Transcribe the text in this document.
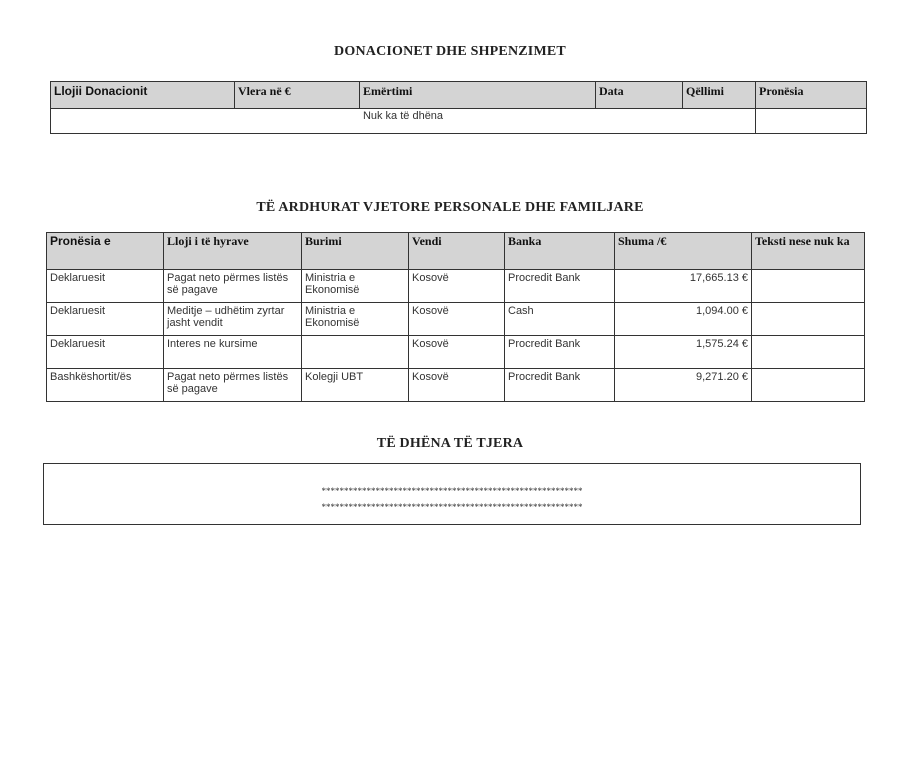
DONACIONET DHE SHPENZIMET
Llojii Donacionit	Vlera në €	Emërtimi	Data	Qëllimi	Pronësia
Nuk ka të dhëna					
TË ARDHURAT VJETORE PERSONALE DHE FAMILJARE
Pronësia e	Lloji i të hyrave	Burimi	Vendi	Banka	Shuma /€	Teksti nese nuk ka
Deklaruesit	Pagat neto përmes listës së pagave	Ministria e Ekonomisë	Kosovë	Procredit Bank	17,665.13 €	
Deklaruesit	Meditje – udhëtim zyrtar jasht vendit	Ministria e Ekonomisë	Kosovë	Cash	1,094.00 €	
Deklaruesit	Interes ne kursime		Kosovë	Procredit Bank	1,575.24 €	
Bashkëshortit/ës	Pagat neto përmes listës së pagave	Kolegji UBT	Kosovë	Procredit Bank	9,271.20 €	
TË DHËNA TË TJERA
**********************************************************
**********************************************************
